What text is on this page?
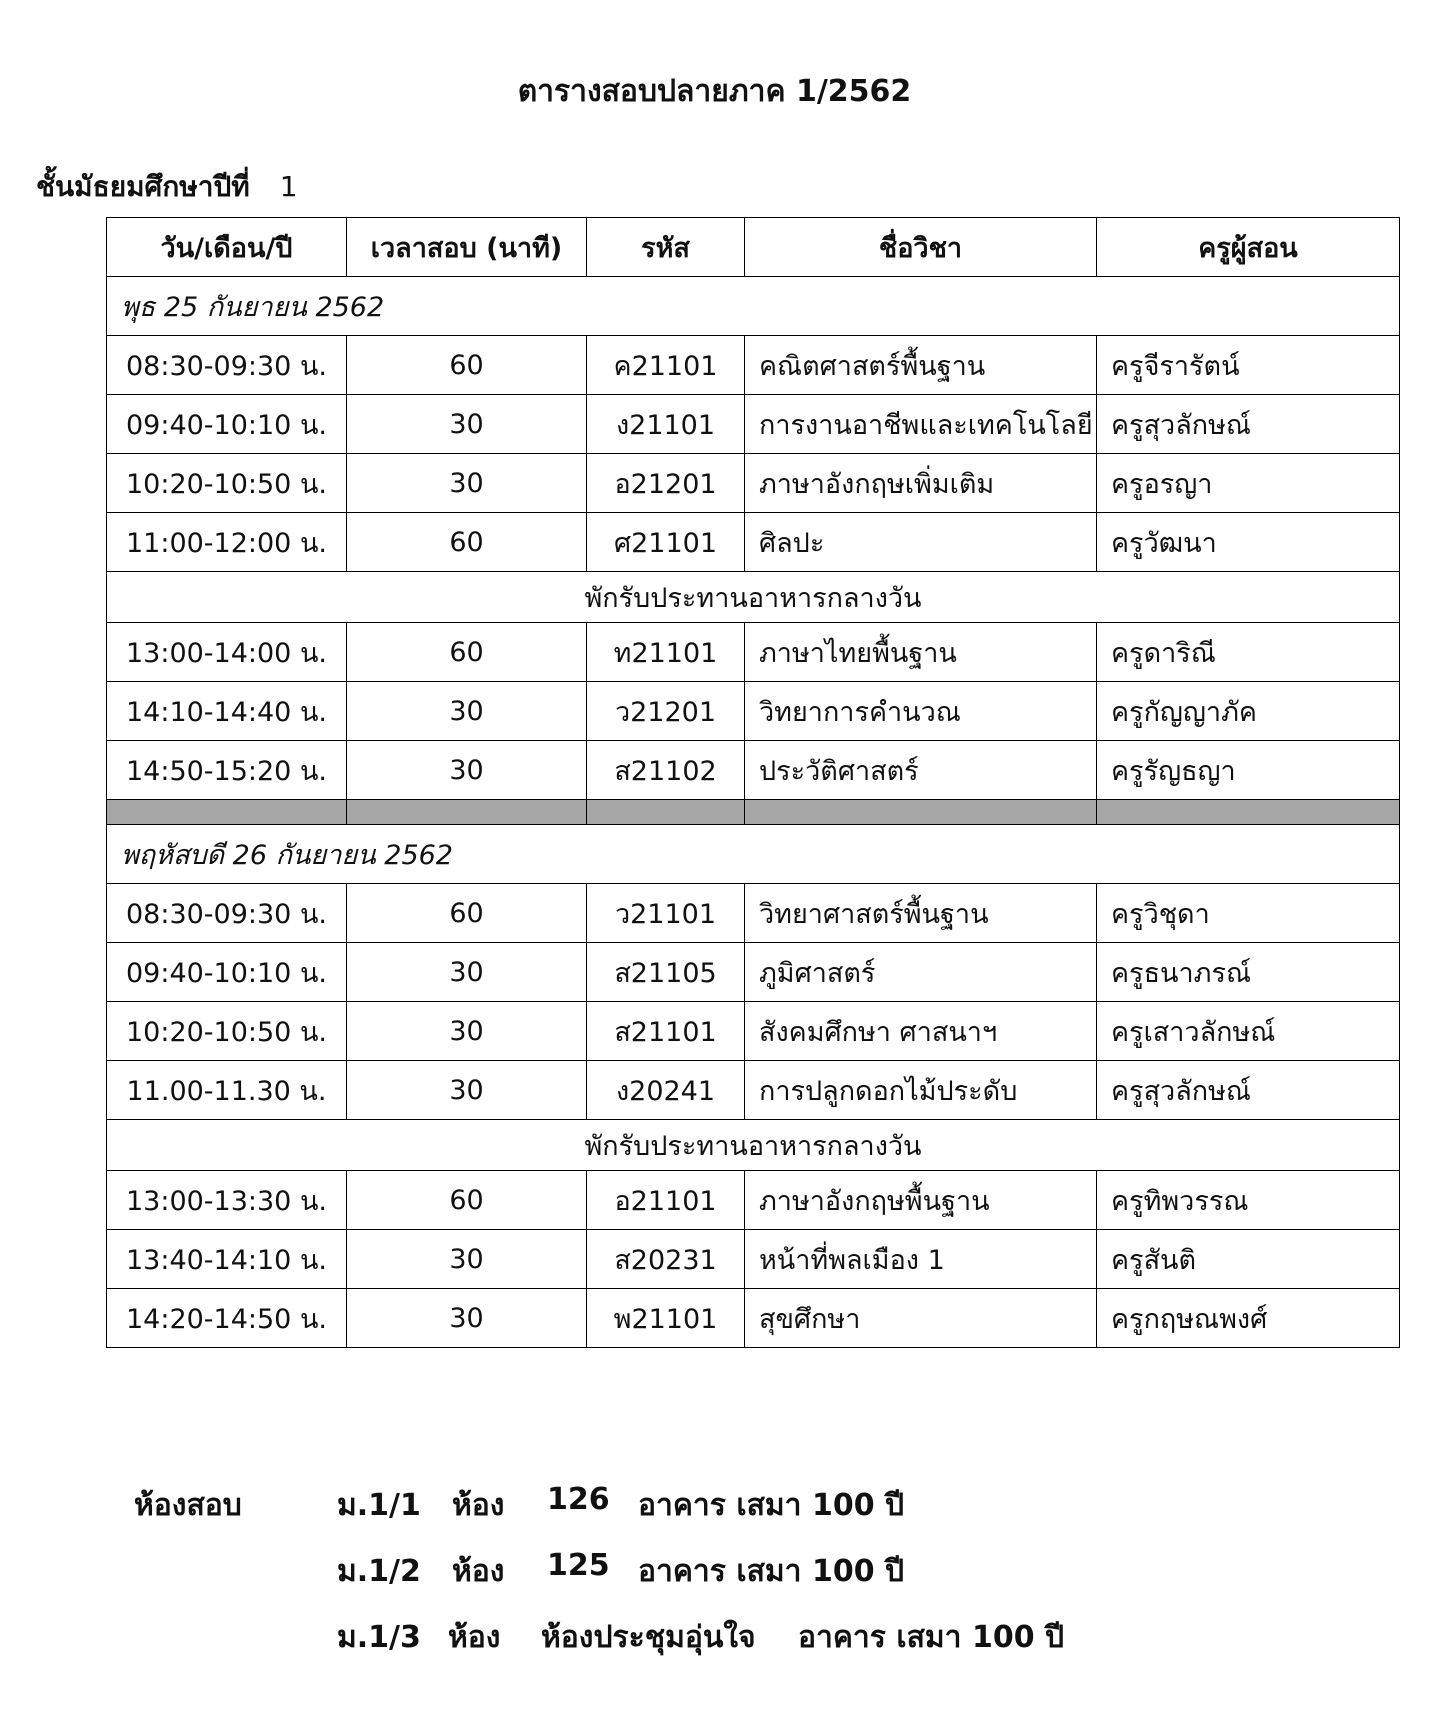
ตารางสอบปลายภาค 1/2562
ชั้นมัธยมศึกษาปีที่ 1
วัน/เดือน/ปี	เวลาสอบ (นาที)	รหัส	ชื่อวิชา	ครูผู้สอน
พุธ 25 กันยายน 2562				
08:30-09:30 น.	60	ค21101	คณิตศาสตร์พื้นฐาน	ครูจีรารัตน์
09:40-10:10 น.	30	ง21101	การงานอาชีพและเทคโนโลยี	ครูสุวลักษณ์
10:20-10:50 น.	30	อ21201	ภาษาอังกฤษเพิ่มเติม	ครูอรญา
11:00-12:00 น.	60	ศ21101	ศิลปะ	ครูวัฒนา
พักรับประทานอาหารกลางวัน				
13:00-14:00 น.	60	ท21101	ภาษาไทยพื้นฐาน	ครูดาริณี
14:10-14:40 น.	30	ว21201	วิทยาการคำนวณ	ครูกัญญาภัค
14:50-15:20 น.	30	ส21102	ประวัติศาสตร์	ครูรัญธญา

พฤหัสบดี 26 กันยายน 2562				
08:30-09:30 น.	60	ว21101	วิทยาศาสตร์พื้นฐาน	ครูวิชุดา
09:40-10:10 น.	30	ส21105	ภูมิศาสตร์	ครูธนาภรณ์
10:20-10:50 น.	30	ส21101	สังคมศึกษา ศาสนาฯ	ครูเสาวลักษณ์
11.00-11.30 น.	30	ง20241	การปลูกดอกไม้ประดับ	ครูสุวลักษณ์
พักรับประทานอาหารกลางวัน				
13:00-13:30 น.	60	อ21101	ภาษาอังกฤษพื้นฐาน	ครูทิพวรรณ
13:40-14:10 น.	30	ส20231	หน้าที่พลเมือง 1	ครูสันติ
14:20-14:50 น.	30	พ21101	สุขศึกษา	ครูกฤษณพงศ์
ห้องสอบ	ม.1/1 ห้อง 126 อาคาร เสมา 100 ปี
ม.1/2 ห้อง 125 อาคาร เสมา 100 ปี
ม.1/3 ห้อง ห้องประชุมอุ่นใจ อาคาร เสมา 100 ปี
